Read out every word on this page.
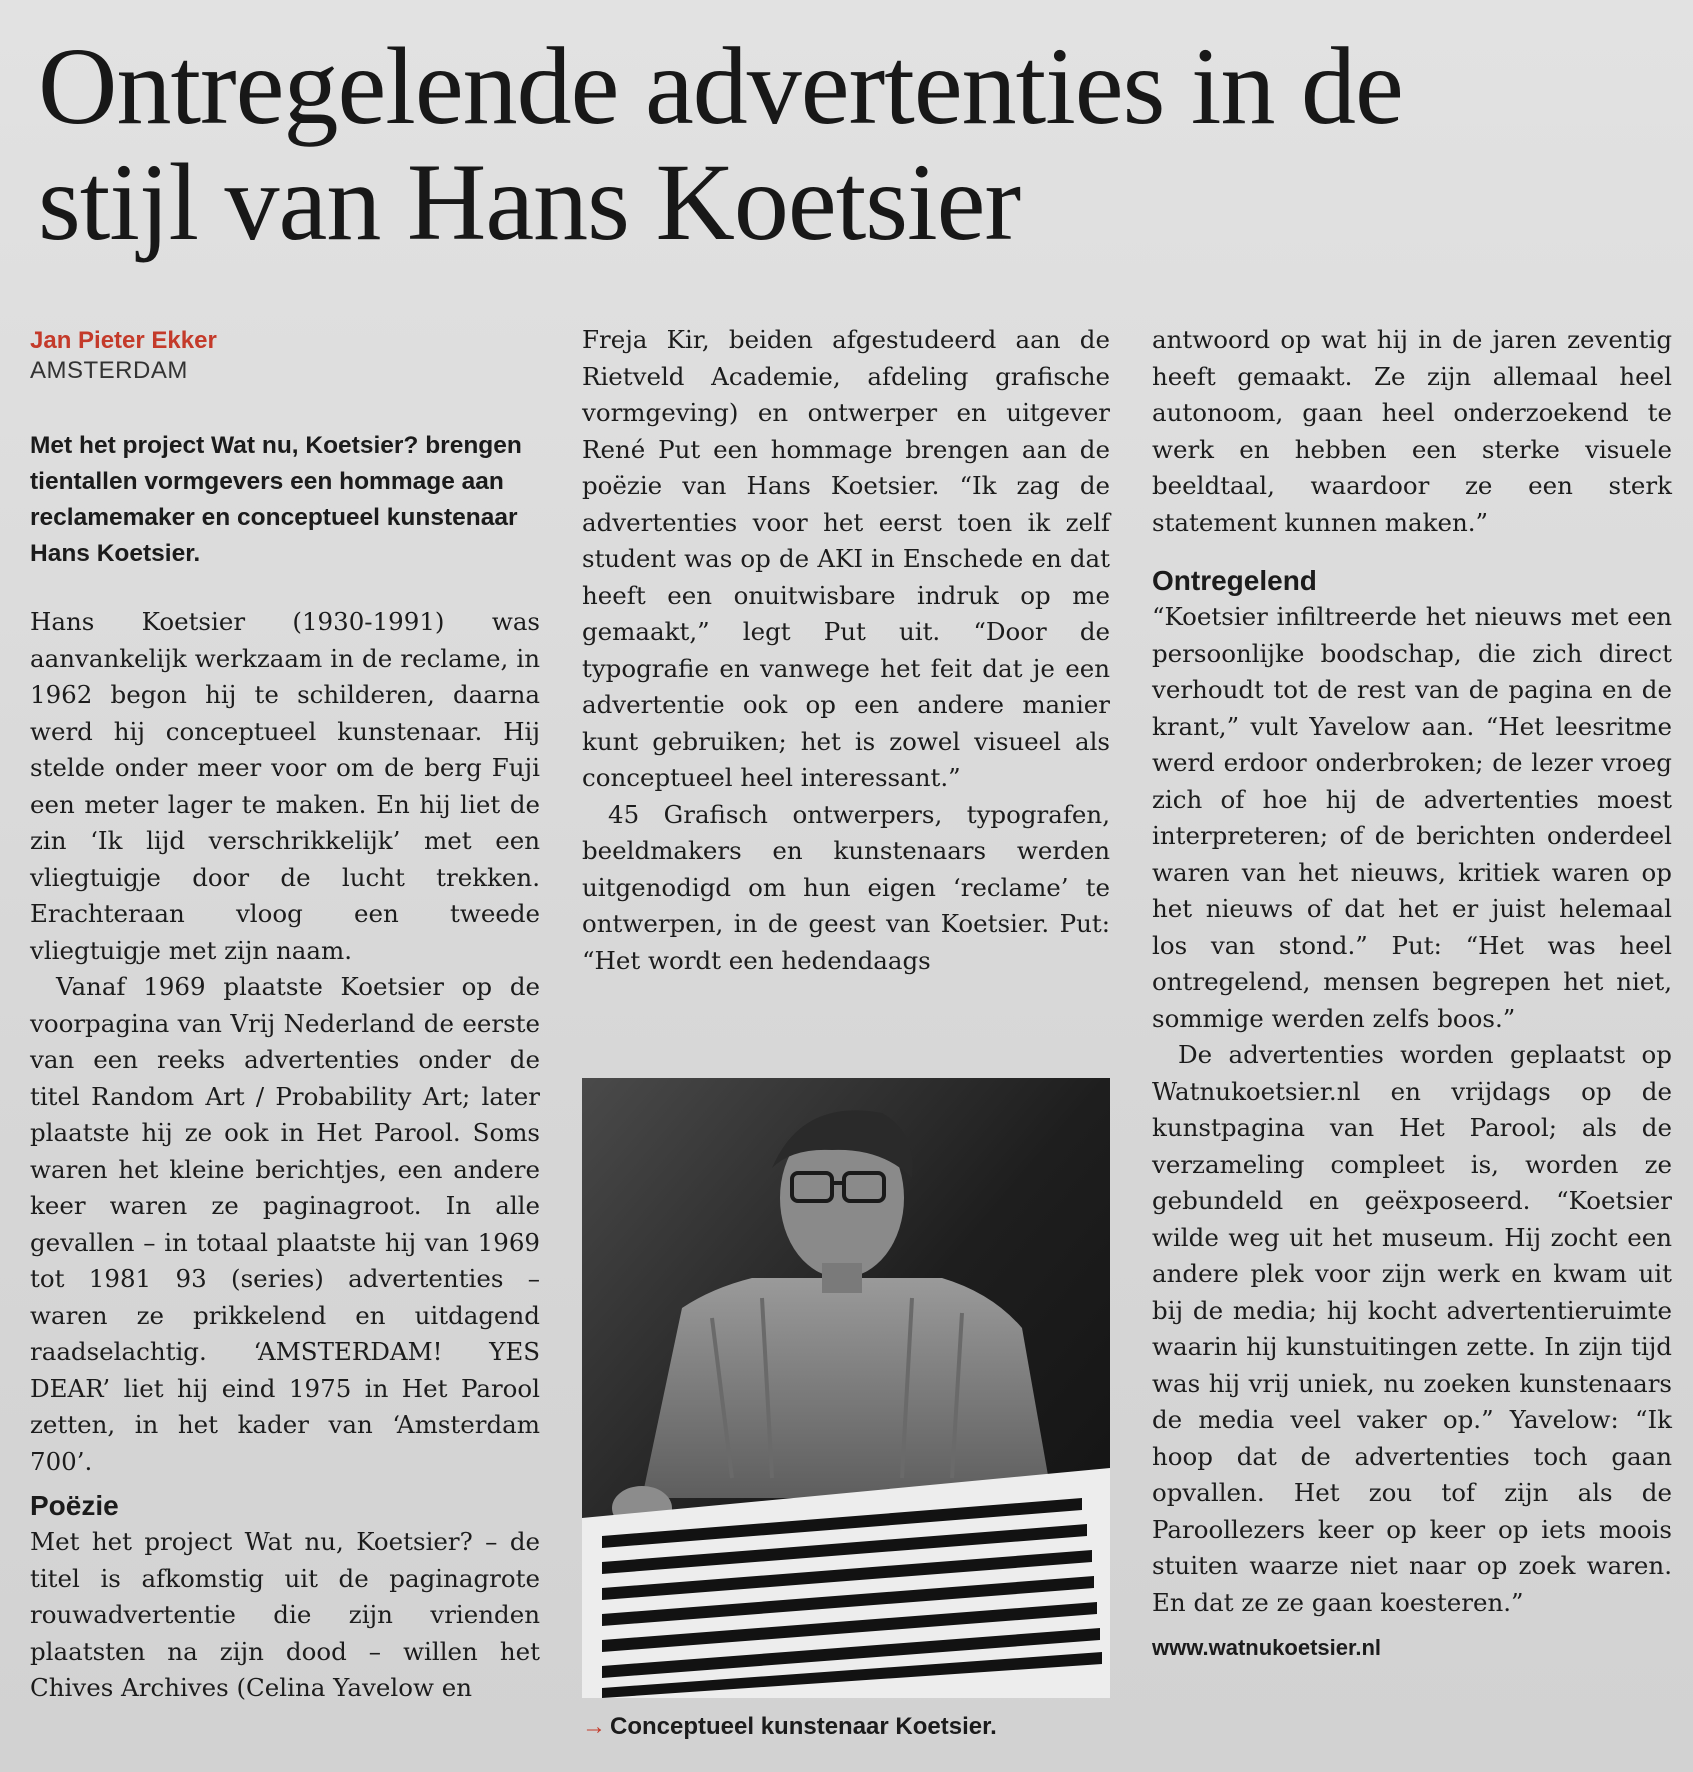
Ontregelende advertenties in de stijl van Hans Koetsier
Jan Pieter Ekker
AMSTERDAM

Met het project Wat nu, Koetsier? brengen tientallen vormgevers een hommage aan reclamemaker en conceptueel kunstenaar Hans Koetsier.

Hans Koetsier (1930-1991) was aanvankelijk werkzaam in de reclame, in 1962 begon hij te schilderen, daarna werd hij conceptueel kunstenaar. Hij stelde onder meer voor om de berg Fuji een meter lager te maken. En hij liet de zin ‘Ik lijd verschrikkelijk’ met een vliegtuigje door de lucht trekken. Erachteraan vloog een tweede vliegtuigje met zijn naam.

Vanaf 1969 plaatste Koetsier op de voorpagina van Vrij Nederland de eerste van een reeks advertenties onder de titel Random Art / Probability Art; later plaatste hij ze ook in Het Parool. Soms waren het kleine berichtjes, een andere keer waren ze paginagroot. In alle gevallen – in totaal plaatste hij van 1969 tot 1981 93 (series) advertenties – waren ze prikkelend en uitdagend raadselachtig. ‘AMSTERDAM! YES DEAR’ liet hij eind 1975 in Het Parool zetten, in het kader van ‘Amsterdam 700’.

Poëzie

Met het project Wat nu, Koetsier? – de titel is afkomstig uit de paginagrote rouwadvertentie die zijn vrienden plaatsten na zijn dood – willen het Chives Archives (Celina Yavelow en

Freja Kir, beiden afgestudeerd aan de Rietveld Academie, afdeling grafische vormgeving) en ontwerper en uitgever René Put een hommage brengen aan de poëzie van Hans Koetsier. “Ik zag de advertenties voor het eerst toen ik zelf student was op de AKI in Enschede en dat heeft een onuitwisbare indruk op me gemaakt,” legt Put uit. “Door de typografie en vanwege het feit dat je een advertentie ook op een andere manier kunt gebruiken; het is zowel visueel als conceptueel heel interessant.”

45 Grafisch ontwerpers, typografen, beeldmakers en kunstenaars werden uitgenodigd om hun eigen ‘reclame’ te ontwerpen, in de geest van Koetsier. Put: “Het wordt een hedendaags

→ Conceptueel kunstenaar Koetsier.

antwoord op wat hij in de jaren zeventig heeft gemaakt. Ze zijn allemaal heel autonoom, gaan heel onderzoekend te werk en hebben een sterke visuele beeldtaal, waardoor ze een sterk statement kunnen maken.”

Ontregelend

“Koetsier infiltreerde het nieuws met een persoonlijke boodschap, die zich direct verhoudt tot de rest van de pagina en de krant,” vult Yavelow aan. “Het leesritme werd erdoor onderbroken; de lezer vroeg zich of hoe hij de advertenties moest interpreteren; of de berichten onderdeel waren van het nieuws, kritiek waren op het nieuws of dat het er juist helemaal los van stond.” Put: “Het was heel ontregelend, mensen begrepen het niet, sommige werden zelfs boos.”

De advertenties worden geplaatst op Watnukoetsier.nl en vrijdags op de kunstpagina van Het Parool; als de verzameling compleet is, worden ze gebundeld en geëxposeerd. “Koetsier wilde weg uit het museum. Hij zocht een andere plek voor zijn werk en kwam uit bij de media; hij kocht advertentieruimte waarin hij kunstuitingen zette. In zijn tijd was hij vrij uniek, nu zoeken kunstenaars de media veel vaker op.” Yavelow: “Ik hoop dat de advertenties toch gaan opvallen. Het zou tof zijn als de Paroollezers keer op keer op iets moois stuiten waarze niet naar op zoek waren. En dat ze ze gaan koesteren.”

www.watnukoetsier.nl
